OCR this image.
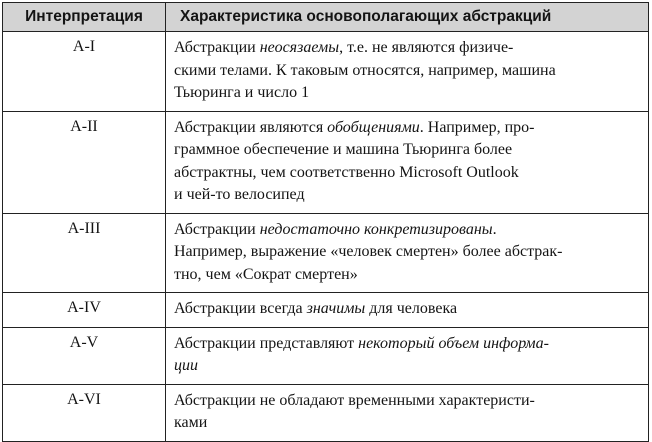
Интерпретация	Характеристика основополагающих абстракций
A-I	Абстракции неосязаемы, т.е. не являются физиче-
скими телами. К таковым относятся, например, машина
Тьюринга и число 1

A-II	Абстракции являются обобщениями. Например, про-
граммное обеспечение и машина Тьюринга более
абстрактны, чем соответственно Microsoft Outlook
и чей-то велосипед

A-III	Абстракции недостаточно конкретизированы.
Например, выражение «человек смертен» более абстрак-
тно, чем «Сократ смертен»

A-IV	Абстракции всегда значимы для человека

A-V	Абстракции представляют некоторый объем информа-
ции

A-VI	Абстракции не обладают временными характеристи-
ками
